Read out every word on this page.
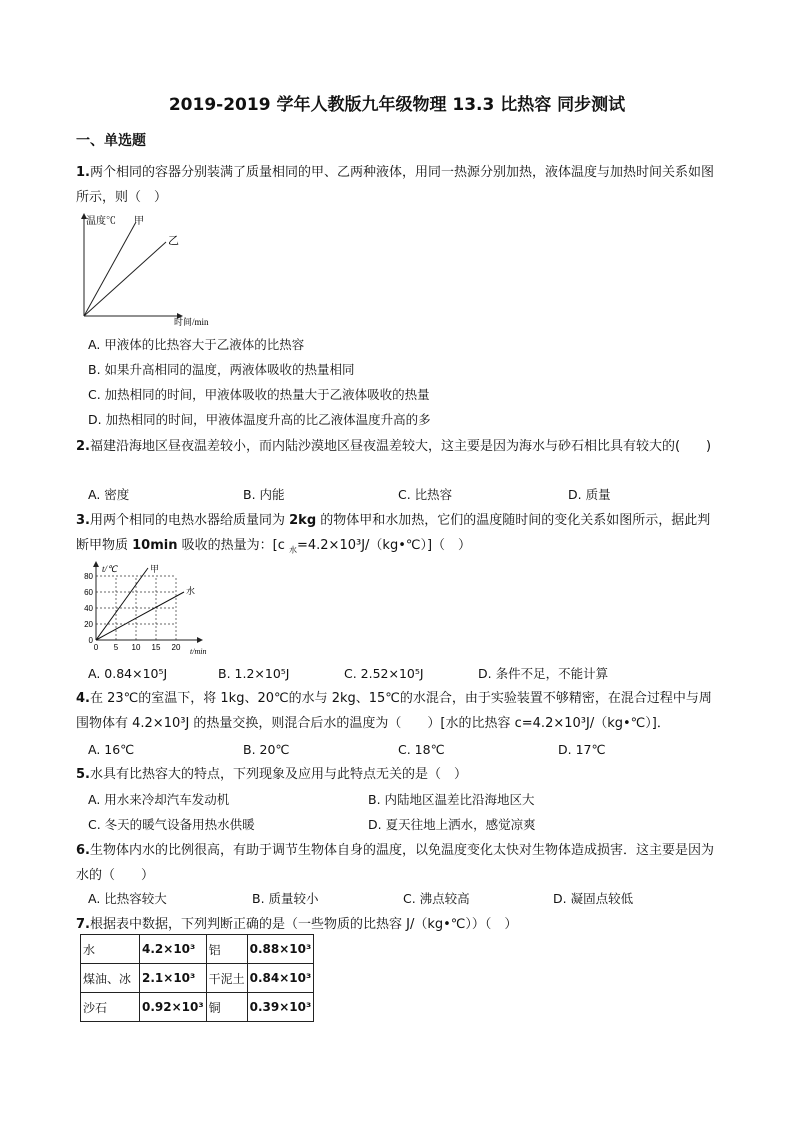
2019-2019 学年人教版九年级物理 13.3 比热容 同步测试
一、单选题
1.两个相同的容器分别装满了质量相同的甲、乙两种液体，用同一热源分别加热，液体温度与加热时间关系如图所示，则（　）
温度℃ 甲
乙
时间/min
A. 甲液体的比热容大于乙液体的比热容
B. 如果升高相同的温度，两液体吸收的热量相同
C. 加热相同的时间，甲液体吸收的热量大于乙液体吸收的热量
D. 加热相同的时间，甲液体温度升高的比乙液体温度升高的多
2.福建沿海地区昼夜温差较小，而内陆沙漠地区昼夜温差较大，这主要是因为海水与砂石相比具有较大的(　　)
A. 密度	B. 内能	C. 比热容	D. 质量
3.用两个相同的电热水器给质量同为 2kg 的物体甲和水加热，它们的温度随时间的变化关系如图所示，据此判断甲物质 10min 吸收的热量为：[c $_水$=4.2×10³J/（kg•℃）]（　）
0
20
40
60
80
0 5 10 15 20
甲
水
t/℃
t/min
A. 0.84×10⁵J	B. 1.2×10⁵J	C. 2.52×10⁵J	D. 条件不足，不能计算
4.在 23℃的室温下，将 1kg、20℃的水与 2kg、15℃的水混合，由于实验装置不够精密，在混合过程中与周围物体有 4.2×10³J 的热量交换，则混合后水的温度为（　　）[水的比热容 c=4.2×10³J/（kg•℃）]．
A. 16℃	B. 20℃	C. 18℃	D. 17℃
5.水具有比热容大的特点，下列现象及应用与此特点无关的是（　）
A. 用水来冷却汽车发动机	B. 内陆地区温差比沿海地区大
C. 冬天的暖气设备用热水供暖	D. 夏天往地上洒水，感觉凉爽
6.生物体内水的比例很高，有助于调节生物体自身的温度，以免温度变化太快对生物体造成损害．这主要是因为水的（　　）
A. 比热容较大	B. 质量较小	C. 沸点较高	D. 凝固点较低
7.根据表中数据，下列判断正确的是（一些物质的比热容 J/（kg•℃））（　）
水	4.2×10³	铝	0.88×10³
煤油、冰	2.1×10³	干泥土	0.84×10³
沙石	0.92×10³	铜	0.39×10³
